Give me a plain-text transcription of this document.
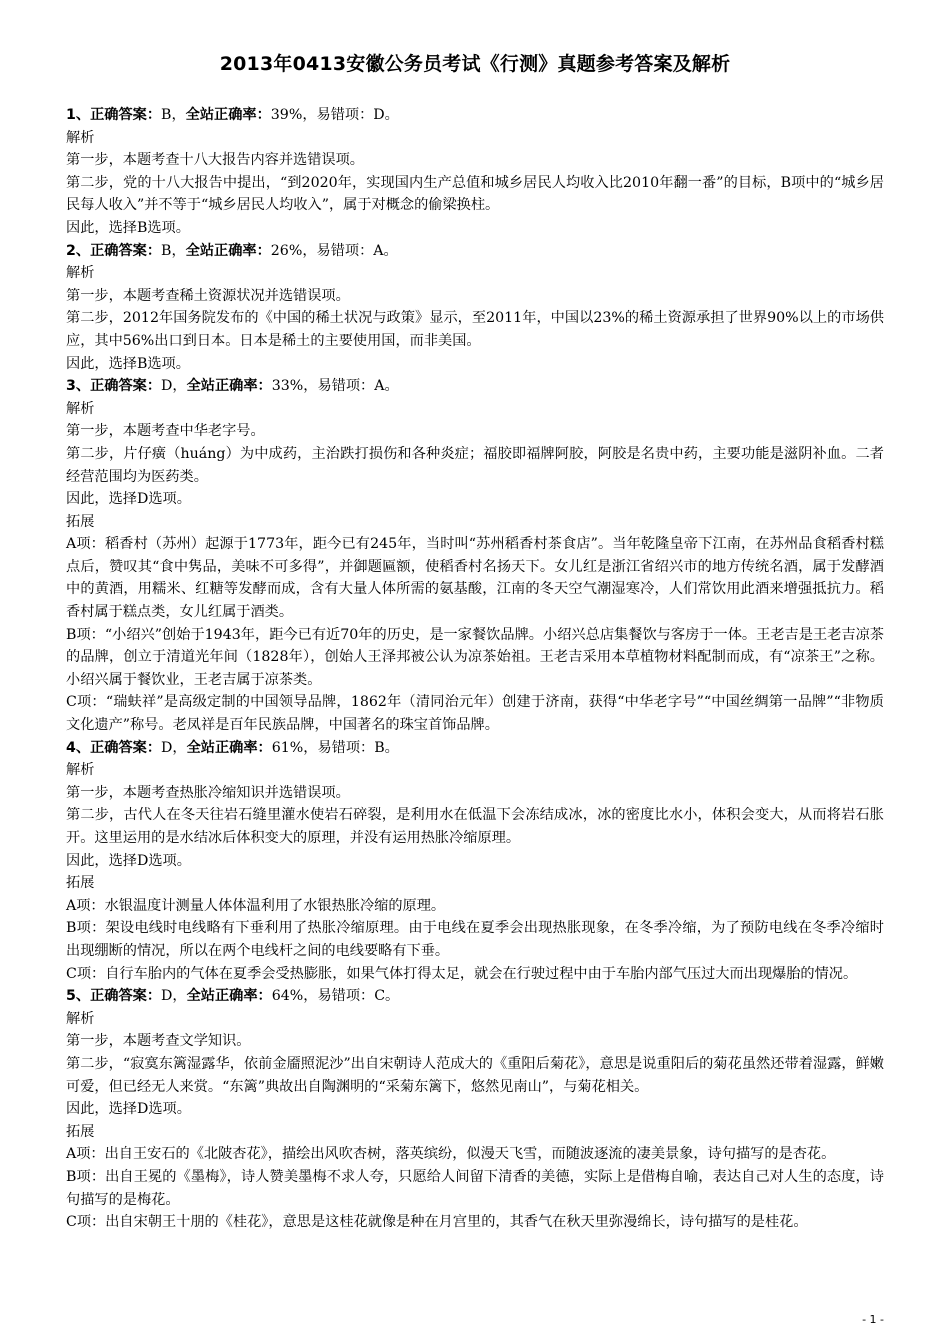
2013年0413安徽公务员考试《行测》真题参考答案及解析

1、正确答案：B，全站正确率：39%，易错项：D。

解析

第一步，本题考查十八大报告内容并选错误项。

第二步，党的十八大报告中提出，“到2020年，实现国内生产总值和城乡居民人均收入比2010年翻一番”的目标，B项中的“城乡居民每人收入”并不等于“城乡居民人均收入”，属于对概念的偷梁换柱。

因此，选择B选项。

2、正确答案：B，全站正确率：26%，易错项：A。

解析

第一步，本题考查稀土资源状况并选错误项。

第二步，2012年国务院发布的《中国的稀土状况与政策》显示，至2011年，中国以23%的稀土资源承担了世界90%以上的市场供应，其中56%出口到日本。日本是稀土的主要使用国，而非美国。

因此，选择B选项。

3、正确答案：D，全站正确率：33%，易错项：A。

解析

第一步，本题考查中华老字号。

第二步，片仔癀（huáng）为中成药，主治跌打损伤和各种炎症；福胶即福牌阿胶，阿胶是名贵中药，主要功能是滋阴补血。二者经营范围均为医药类。

因此，选择D选项。

拓展

A项：稻香村（苏州）起源于1773年，距今已有245年，当时叫“苏州稻香村茶食店”。当年乾隆皇帝下江南，在苏州品食稻香村糕点后，赞叹其“食中隽品，美味不可多得”，并御题匾额，使稻香村名扬天下。女儿红是浙江省绍兴市的地方传统名酒，属于发酵酒中的黄酒，用糯米、红糖等发酵而成，含有大量人体所需的氨基酸，江南的冬天空气潮湿寒冷，人们常饮用此酒来增强抵抗力。稻香村属于糕点类，女儿红属于酒类。

B项：“小绍兴”创始于1943年，距今已有近70年的历史，是一家餐饮品牌。小绍兴总店集餐饮与客房于一体。王老吉是王老吉凉茶的品牌，创立于清道光年间（1828年），创始人王泽邦被公认为凉茶始祖。王老吉采用本草植物材料配制而成，有“凉茶王”之称。小绍兴属于餐饮业，王老吉属于凉茶类。

C项：“瑞蚨祥”是高级定制的中国领导品牌，1862年（清同治元年）创建于济南，获得“中华老字号”“中国丝绸第一品牌”“非物质文化遗产”称号。老凤祥是百年民族品牌，中国著名的珠宝首饰品牌。

4、正确答案：D，全站正确率：61%，易错项：B。

解析

第一步，本题考查热胀冷缩知识并选错误项。

第二步，古代人在冬天往岩石缝里灌水使岩石碎裂，是利用水在低温下会冻结成冰，冰的密度比水小，体积会变大，从而将岩石胀开。这里运用的是水结冰后体积变大的原理，并没有运用热胀冷缩原理。

因此，选择D选项。

拓展

A项：水银温度计测量人体体温利用了水银热胀冷缩的原理。

B项：架设电线时电线略有下垂利用了热胀冷缩原理。由于电线在夏季会出现热胀现象，在冬季冷缩，为了预防电线在冬季冷缩时出现绷断的情况，所以在两个电线杆之间的电线要略有下垂。

C项：自行车胎内的气体在夏季会受热膨胀，如果气体打得太足，就会在行驶过程中由于车胎内部气压过大而出现爆胎的情况。

5、正确答案：D，全站正确率：64%，易错项：C。

解析

第一步，本题考查文学知识。

第二步，“寂寞东篱湿露华，依前金靥照泥沙”出自宋朝诗人范成大的《重阳后菊花》，意思是说重阳后的菊花虽然还带着湿露，鲜嫩可爱，但已经无人来赏。“东篱”典故出自陶渊明的“采菊东篱下，悠然见南山”，与菊花相关。

因此，选择D选项。

拓展

A项：出自王安石的《北陂杏花》，描绘出风吹杏树，落英缤纷，似漫天飞雪，而随波逐流的凄美景象，诗句描写的是杏花。

B项：出自王冕的《墨梅》，诗人赞美墨梅不求人夸，只愿给人间留下清香的美德，实际上是借梅自喻，表达自己对人生的态度，诗句描写的是梅花。

C项：出自宋朝王十朋的《桂花》，意思是这桂花就像是种在月宫里的，其香气在秋天里弥漫绵长，诗句描写的是桂花。

- 1 -
